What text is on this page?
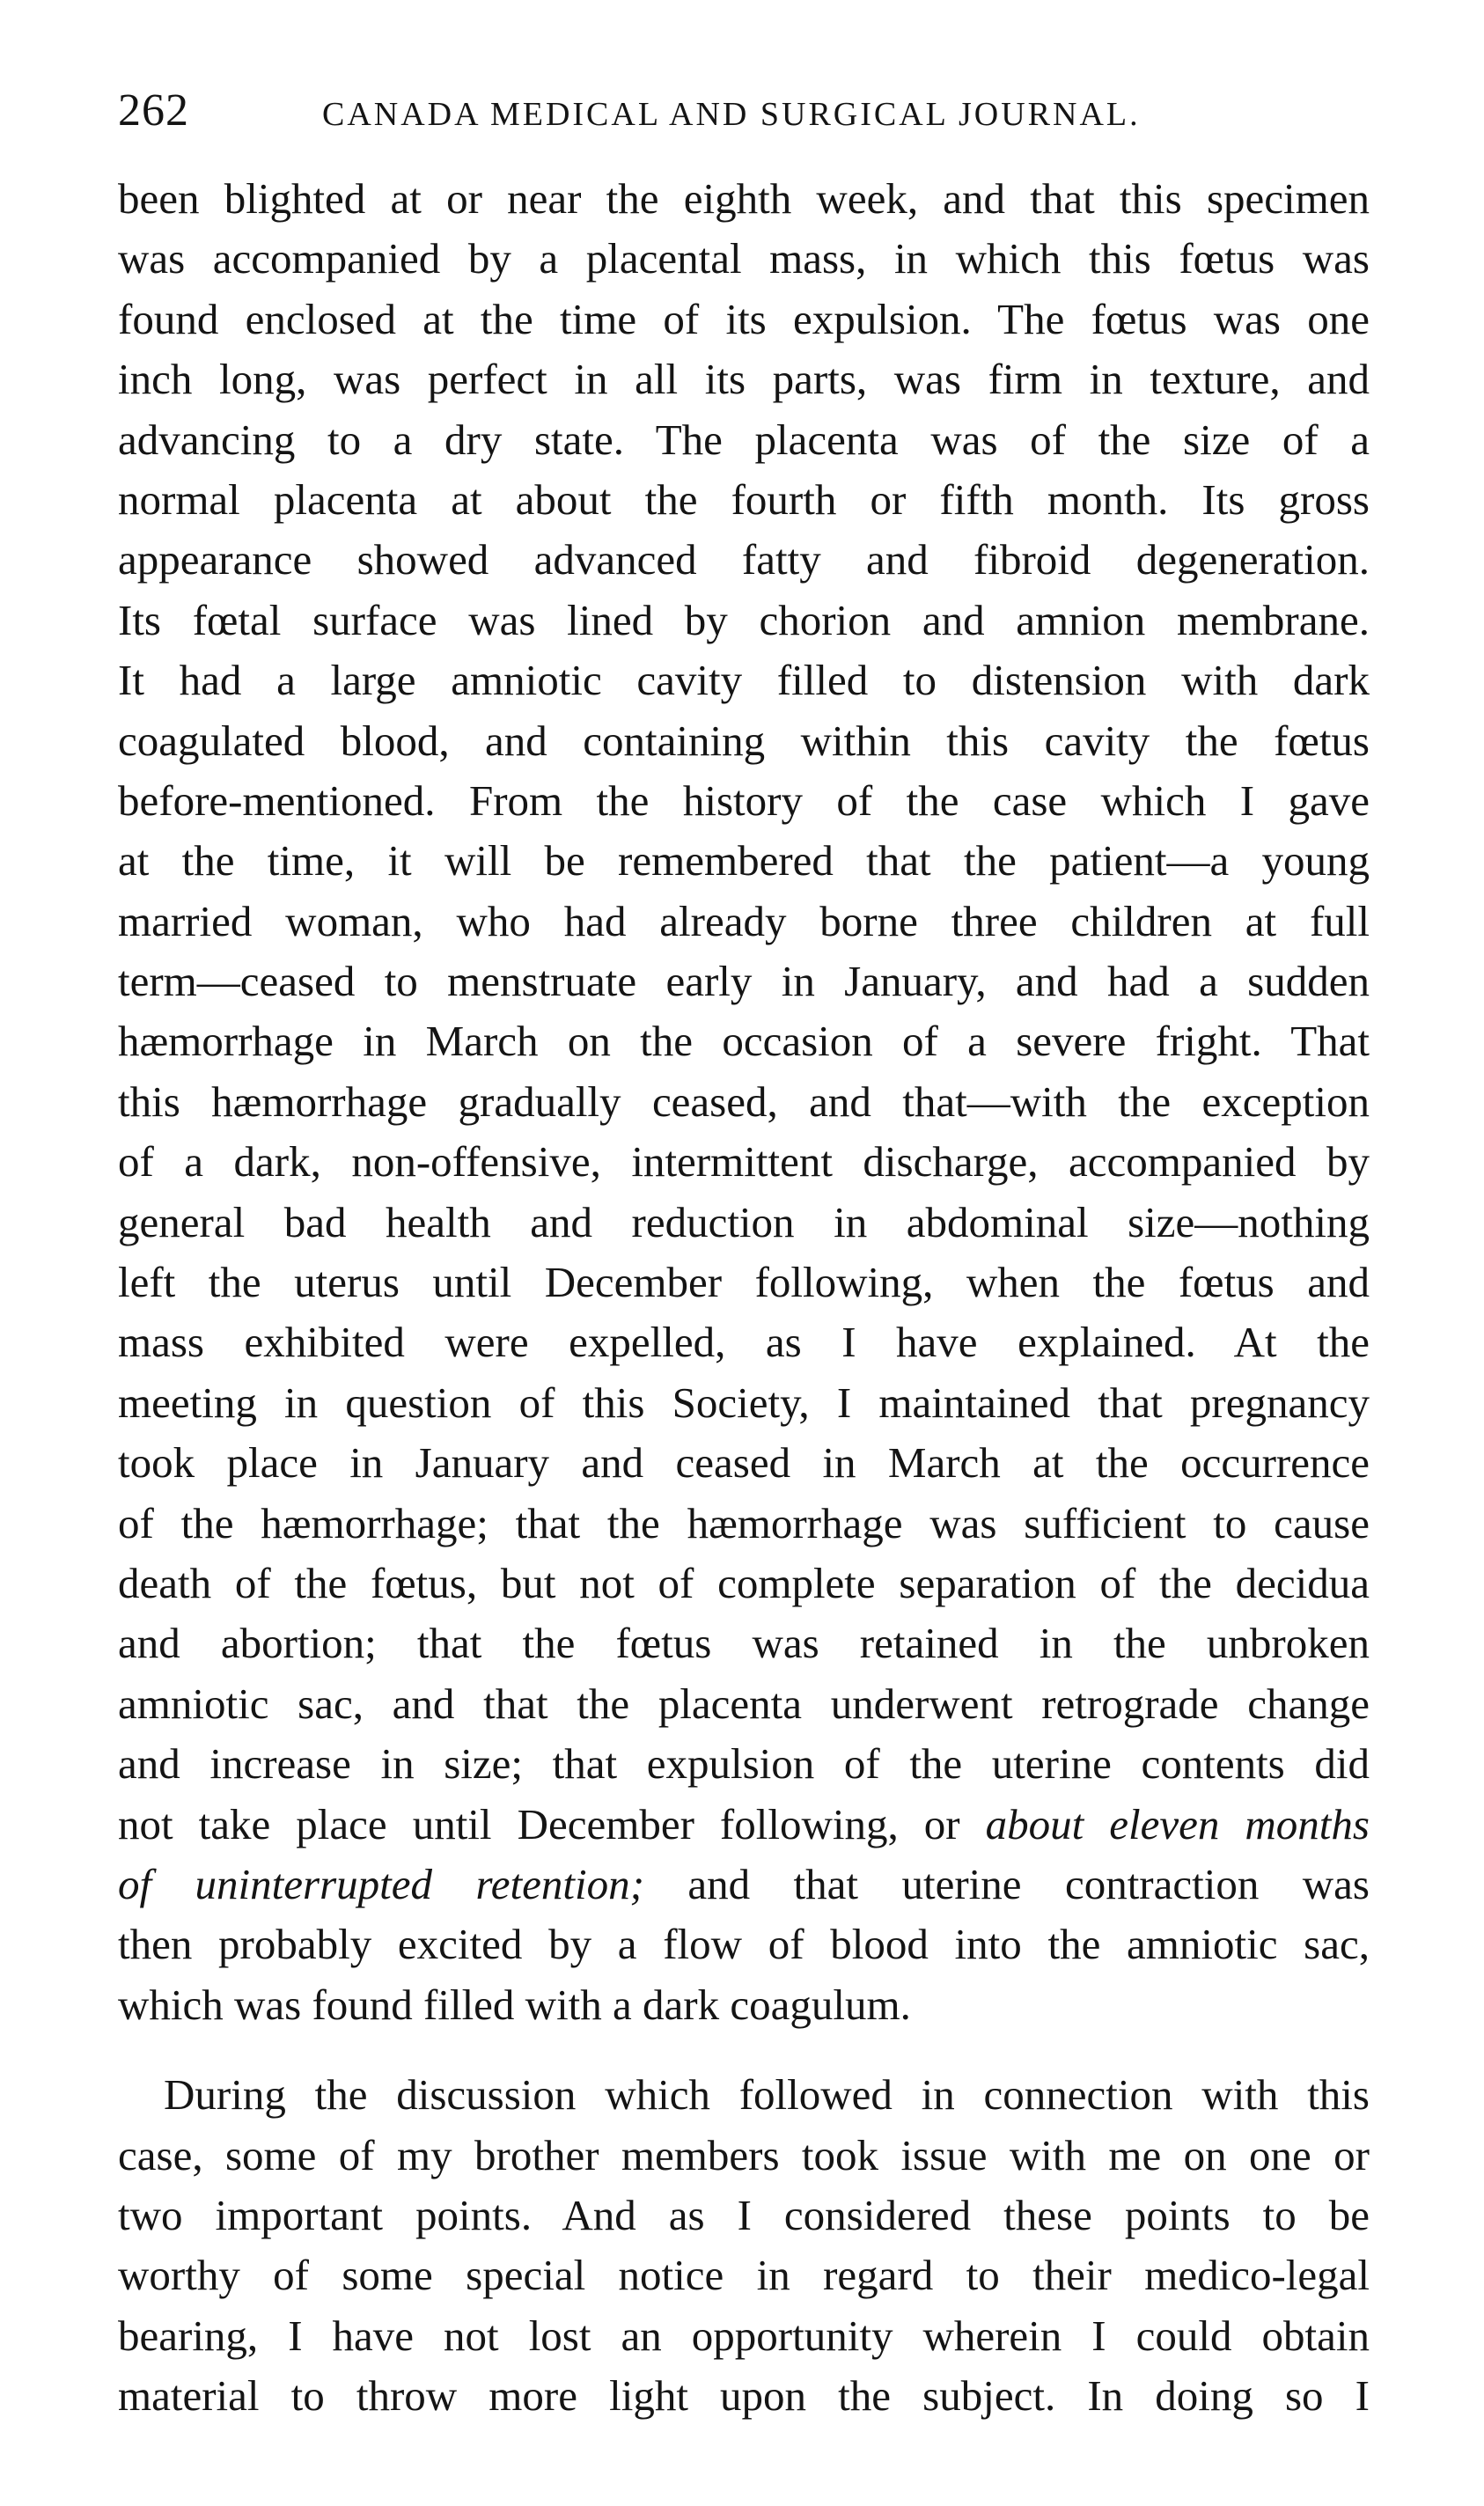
262	CANADA MEDICAL AND SURGICAL JOURNAL.
been blighted at or near the eighth week, and that this specimen
was accompanied by a placental mass, in which this fœtus was
found enclosed at the time of its expulsion. The fœtus was one
inch long, was perfect in all its parts, was firm in texture, and
advancing to a dry state. The placenta was of the size of a
normal placenta at about the fourth or fifth month. Its gross
appearance showed advanced fatty and fibroid degeneration.
Its fœtal surface was lined by chorion and amnion membrane.
It had a large amniotic cavity filled to distension with dark
coagulated blood, and containing within this cavity the fœtus
before-mentioned. From the history of the case which I gave
at the time, it will be remembered that the patient—a young
married woman, who had already borne three children at full
term—ceased to menstruate early in January, and had a sudden
hæmorrhage in March on the occasion of a severe fright. That
this hæmorrhage gradually ceased, and that—with the exception
of a dark, non-offensive, intermittent discharge, accompanied by
general bad health and reduction in abdominal size—nothing
left the uterus until December following, when the fœtus and
mass exhibited were expelled, as I have explained. At the
meeting in question of this Society, I maintained that pregnancy
took place in January and ceased in March at the occurrence
of the hæmorrhage; that the hæmorrhage was sufficient to cause
death of the fœtus, but not of complete separation of the decidua
and abortion; that the fœtus was retained in the unbroken
amniotic sac, and that the placenta underwent retrograde change
and increase in size; that expulsion of the uterine contents did
not take place until December following, or about eleven months
of uninterrupted retention; and that uterine contraction was
then probably excited by a flow of blood into the amniotic sac,
which was found filled with a dark coagulum.
During the discussion which followed in connection with this
case, some of my brother members took issue with me on one or
two important points. And as I considered these points to be
worthy of some special notice in regard to their medico-legal
bearing, I have not lost an opportunity wherein I could obtain
material to throw more light upon the subject. In doing so I
